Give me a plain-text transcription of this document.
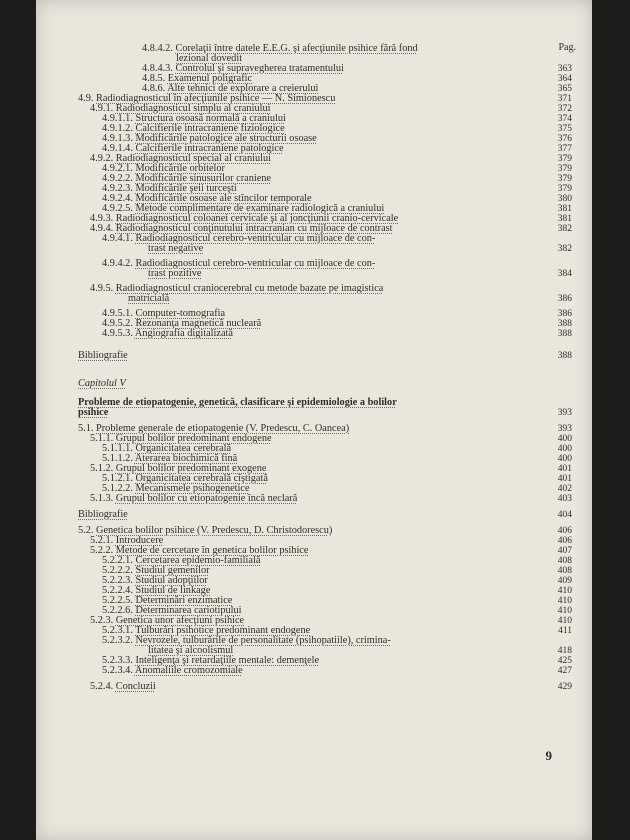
Pag.
4.8.4.2. Corelaţii între datele E.E.G. şi afecţiunile psihice fără fond
lezional dovedit
4.8.4.3. Controlul şi supravegherea tratamentului	363
4.8.5. Examenul poligrafic	364
4.8.6. Alte tehnici de explorare a creierului	365
4.9. Radiodiagnosticul în afecţiunile psihice — N. Simionescu	371
4.9.1. Radiodiagnosticul simplu al craniului	372
4.9.1.1. Structura osoasă normală a craniului	374
4.9.1.2. Calcifierile intracraniene fiziologice	375
4.9.1.3. Modificările patologice ale structurii osoase	376
4.9.1.4. Calcifierile intracraniene patologice	377
4.9.2. Radiodiagnosticul special al craniului	379
4.9.2.1. Modificările orbitelor	379
4.9.2.2. Modificările sinusurilor craniene	379
4.9.2.3. Modificările şeii turceşti	379
4.9.2.4. Modificările osoase ale stîncilor temporale	380
4.9.2.5. Metode complimentare de examinare radiologică a craniului	381
4.9.3. Radiodiagnosticul coloanei cervicale şi al joncţiunii cranio-cervicale	381
4.9.4. Radiodiagnosticul conţinutului intracranian cu mijloace de contrast	382
4.9.4.1. Radiodiagnosticul cerebro-ventricular cu mijloace de con-
trast negative	382
4.9.4.2. Radiodiagnosticul cerebro-ventricular cu mijloace de con-
trast pozitive	384
4.9.5. Radiodiagnosticul craniocerebral cu metode bazate pe imagistica
matricială	386
4.9.5.1. Computer-tomografia	386
4.9.5.2. Rezonanţa magnetică nucleară	388
4.9.5.3. Angiografia digitalizată	388
Bibliografie	388
Capitolul V
Probleme de etiopatogenie, genetică, clasificare şi epidemiologie a bolilor
psihice	393
5.1. Probleme generale de etiopatogenie (V. Predescu, C. Oancea)	393
5.1.1. Grupul bolilor predominant endogene	400
5.1.1.1. Organicitatea cerebrală	400
5.1.1.2. Aterarea biochimică fină	400
5.1.2. Grupul bolilor predominant exogene	401
5.1.2.1. Organicitatea cerebrală cîştigată	401
5.1.2.2. Mecanismele psihogenetice	402
5.1.3. Grupul bolilor cu etiopatogenie încă neclară	403
Bibliografie	404
5.2. Genetica bolilor psihice (V. Predescu, D. Christodorescu)	406
5.2.1. Introducere	406
5.2.2. Metode de cercetare în genetica bolilor psihice	407
5.2.2.1. Cercetarea epidemio-familială	408
5.2.2.2. Studiul gemenilor	408
5.2.2.3. Studiul adopţiilor	409
5.2.2.4. Studiul de linkage	410
5.2.2.5. Determinări enzimatice	410
5.2.2.6. Determinarea cariotipului	410
5.2.3. Genetica unor afecţiuni psihice	410
5.2.3.1. Tulburări psihotice predominant endogene	411
5.2.3.2. Nevrozele, tulburările de personalitate (psihopatiile), crimina-
litatea şi alcoolismul	418
5.2.3.3. Inteligenţa şi retardaţiile mentale: demenţele	425
5.2.3.4. Anomaliile cromozomiale	427
5.2.4. Concluzii	429
9
